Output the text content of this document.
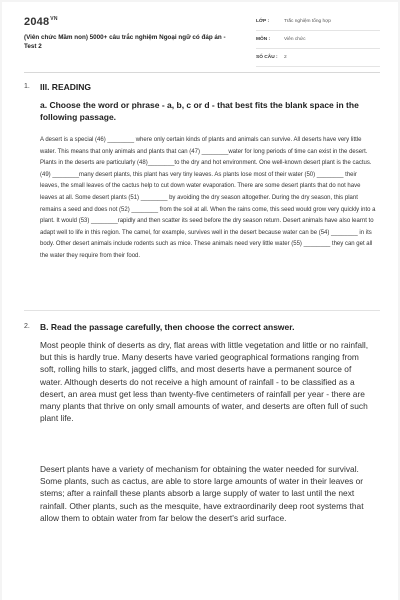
$2048^{VN}$
(Viên chức Mầm non) 5000+ câu trắc nghiệm Ngoại ngữ có đáp án - Test 2
LỚP :	Trắc nghiệm tổng hợp
MÔN :	Viên chức
SỐ CÂU : 2
1. III. READING
a. Choose the word or phrase - a, b, c or d - that best fits the blank space in the following passage.

A desert is a special (46) ________ where only certain kinds of plants and animals can survive. All deserts have very little water. This means that only animals and plants that can (47) ________water for long periods of time can exist in the desert. Plants in the deserts are particularly (48)________to the dry and hot environment. One well-known desert plant is the cactus. (49) ________many desert plants, this plant has very tiny leaves. As plants lose most of their water (50) ________ their leaves, the small leaves of the cactus help to cut down water evaporation. There are some desert plants that do not have leaves at all. Some desert plants (51) ________ by avoiding the dry season altogether. During the dry season, this plant remains a seed and does not (52) ________ from the soil at all. When the rains come, this seed would grow very quickly into a plant. It would (53) ________rapidly and then scatter its seed before the dry season return. Desert animals have also learnt to adapt well to life in this region. The camel, for example, survives well in the desert because water can be (54) ________ in its body. Other desert animals include rodents such as mice. These animals need very little water (55) ________ they can get all the water they require from their food.

2. B. Read the passage carefully, then choose the correct answer.

Most people think of deserts as dry, flat areas with little vegetation and little or no rainfall, but this is hardly true. Many deserts have varied geographical formations ranging from soft, rolling hills to stark, jagged cliffs, and most deserts have a permanent source of water. Although deserts do not receive a high amount of rainfall - to be classified as a desert, an area must get less than twenty-five centimeters of rainfall per year - there are many plants that thrive on only small amounts of water, and deserts are often full of such plant life.

Desert plants have a variety of mechanism for obtaining the water needed for survival. Some plants, such as cactus, are able to store large amounts of water in their leaves or stems; after a rainfall these plants absorb a large supply of water to last until the next rainfall. Other plants, such as the mesquite, have extraordinarily deep root systems that allow them to obtain water from far below the desert's arid surface.
